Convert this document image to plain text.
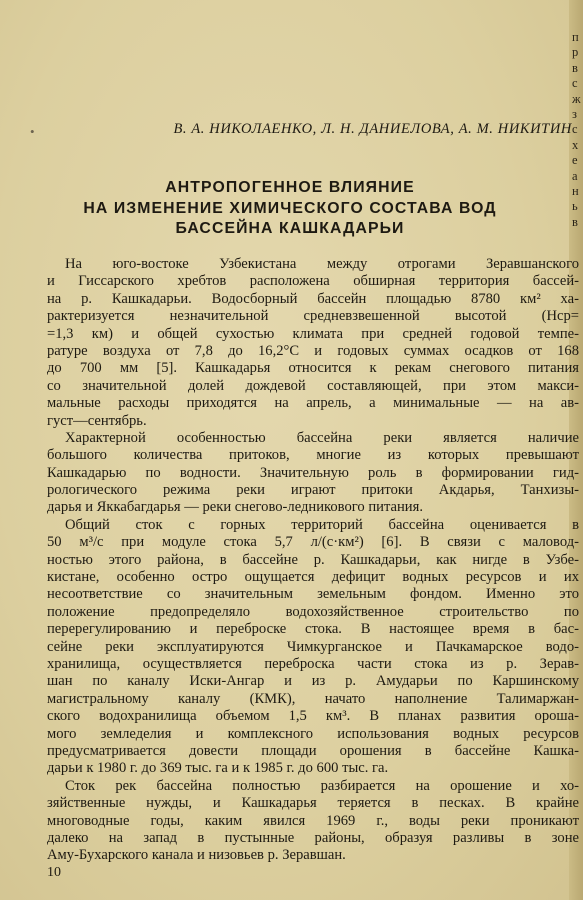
п
р
в
с
ж
з
с
х
е
а
н
ь
в
•	В. А. НИКОЛАЕНКО, Л. Н. ДАНИЕЛОВА, А. М. НИКИТИН
АНТРОПОГЕННОЕ ВЛИЯНИЕ
НА ИЗМЕНЕНИЕ ХИМИЧЕСКОГО СОСТАВА ВОД
БАССЕЙНА КАШКАДАРЬИ
На юго-востоке Узбекистана между отрогами Зеравшанского
и Гиссарского хребтов расположена обширная территория бассей-
на р. Кашкадарьи. Водосборный бассейн площадью 8780 км² ха-
рактеризуется незначительной средневзвешенной высотой (Нср=
=1,3 км) и общей сухостью климата при средней годовой темпе-
ратуре воздуха от 7,8 до 16,2°С и годовых суммах осадков от 168
до 700 мм [5]. Кашкадарья относится к рекам снегового питания
со значительной долей дождевой составляющей, при этом макси-
мальные расходы приходятся на апрель, а минимальные — на ав-
густ—сентябрь.
Характерной особенностью бассейна реки является наличие
большого количества притоков, многие из которых превышают
Кашкадарью по водности. Значительную роль в формировании гид-
рологического режима реки играют притоки Акдарья, Танхизы-
дарья и Яккабагдарья — реки снегово-ледникового питания.
Общий сток с горных территорий бассейна оценивается в
50 м³/с при модуле стока 5,7 л/(с·км²) [6]. В связи с маловод-
ностью этого района, в бассейне р. Кашкадарьи, как нигде в Узбе-
кистане, особенно остро ощущается дефицит водных ресурсов и их
несоответствие со значительным земельным фондом. Именно это
положение предопределяло водохозяйственное строительство по
перерегулированию и переброске стока. В настоящее время в бас-
сейне реки эксплуатируются Чимкурганское и Пачкамарское водо-
хранилища, осуществляется переброска части стока из р. Зерав-
шан по каналу Иски-Ангар и из р. Амударьи по Каршинскому
магистральному каналу (КМК), начато наполнение Талимаржан-
ского водохранилища объемом 1,5 км³. В планах развития ороша-
мого земледелия и комплексного использования водных ресурсов
предусматривается довести площади орошения в бассейне Кашка-
дарьи к 1980 г. до 369 тыс. га и к 1985 г. до 600 тыс. га.
Сток рек бассейна полностью разбирается на орошение и хо-
зяйственные нужды, и Кашкадарья теряется в песках. В крайне
многоводные годы, каким явился 1969 г., воды реки проникают
далеко на запад в пустынные районы, образуя разливы в зоне
Аму-Бухарского канала и низовьев р. Зеравшан.
10
